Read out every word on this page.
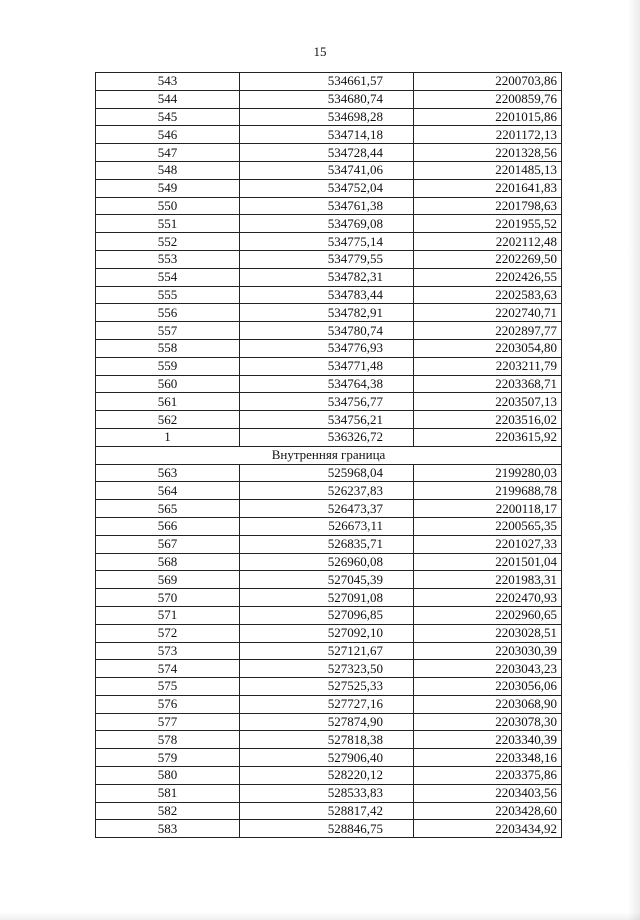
15
543	534661,57	2200703,86
544	534680,74	2200859,76
545	534698,28	2201015,86
546	534714,18	2201172,13
547	534728,44	2201328,56
548	534741,06	2201485,13
549	534752,04	2201641,83
550	534761,38	2201798,63
551	534769,08	2201955,52
552	534775,14	2202112,48
553	534779,55	2202269,50
554	534782,31	2202426,55
555	534783,44	2202583,63
556	534782,91	2202740,71
557	534780,74	2202897,77
558	534776,93	2203054,80
559	534771,48	2203211,79
560	534764,38	2203368,71
561	534756,77	2203507,13
562	534756,21	2203516,02
1	536326,72	2203615,92
Внутренняя граница		
563	525968,04	2199280,03
564	526237,83	2199688,78
565	526473,37	2200118,17
566	526673,11	2200565,35
567	526835,71	2201027,33
568	526960,08	2201501,04
569	527045,39	2201983,31
570	527091,08	2202470,93
571	527096,85	2202960,65
572	527092,10	2203028,51
573	527121,67	2203030,39
574	527323,50	2203043,23
575	527525,33	2203056,06
576	527727,16	2203068,90
577	527874,90	2203078,30
578	527818,38	2203340,39
579	527906,40	2203348,16
580	528220,12	2203375,86
581	528533,83	2203403,56
582	528817,42	2203428,60
583	528846,75	2203434,92
